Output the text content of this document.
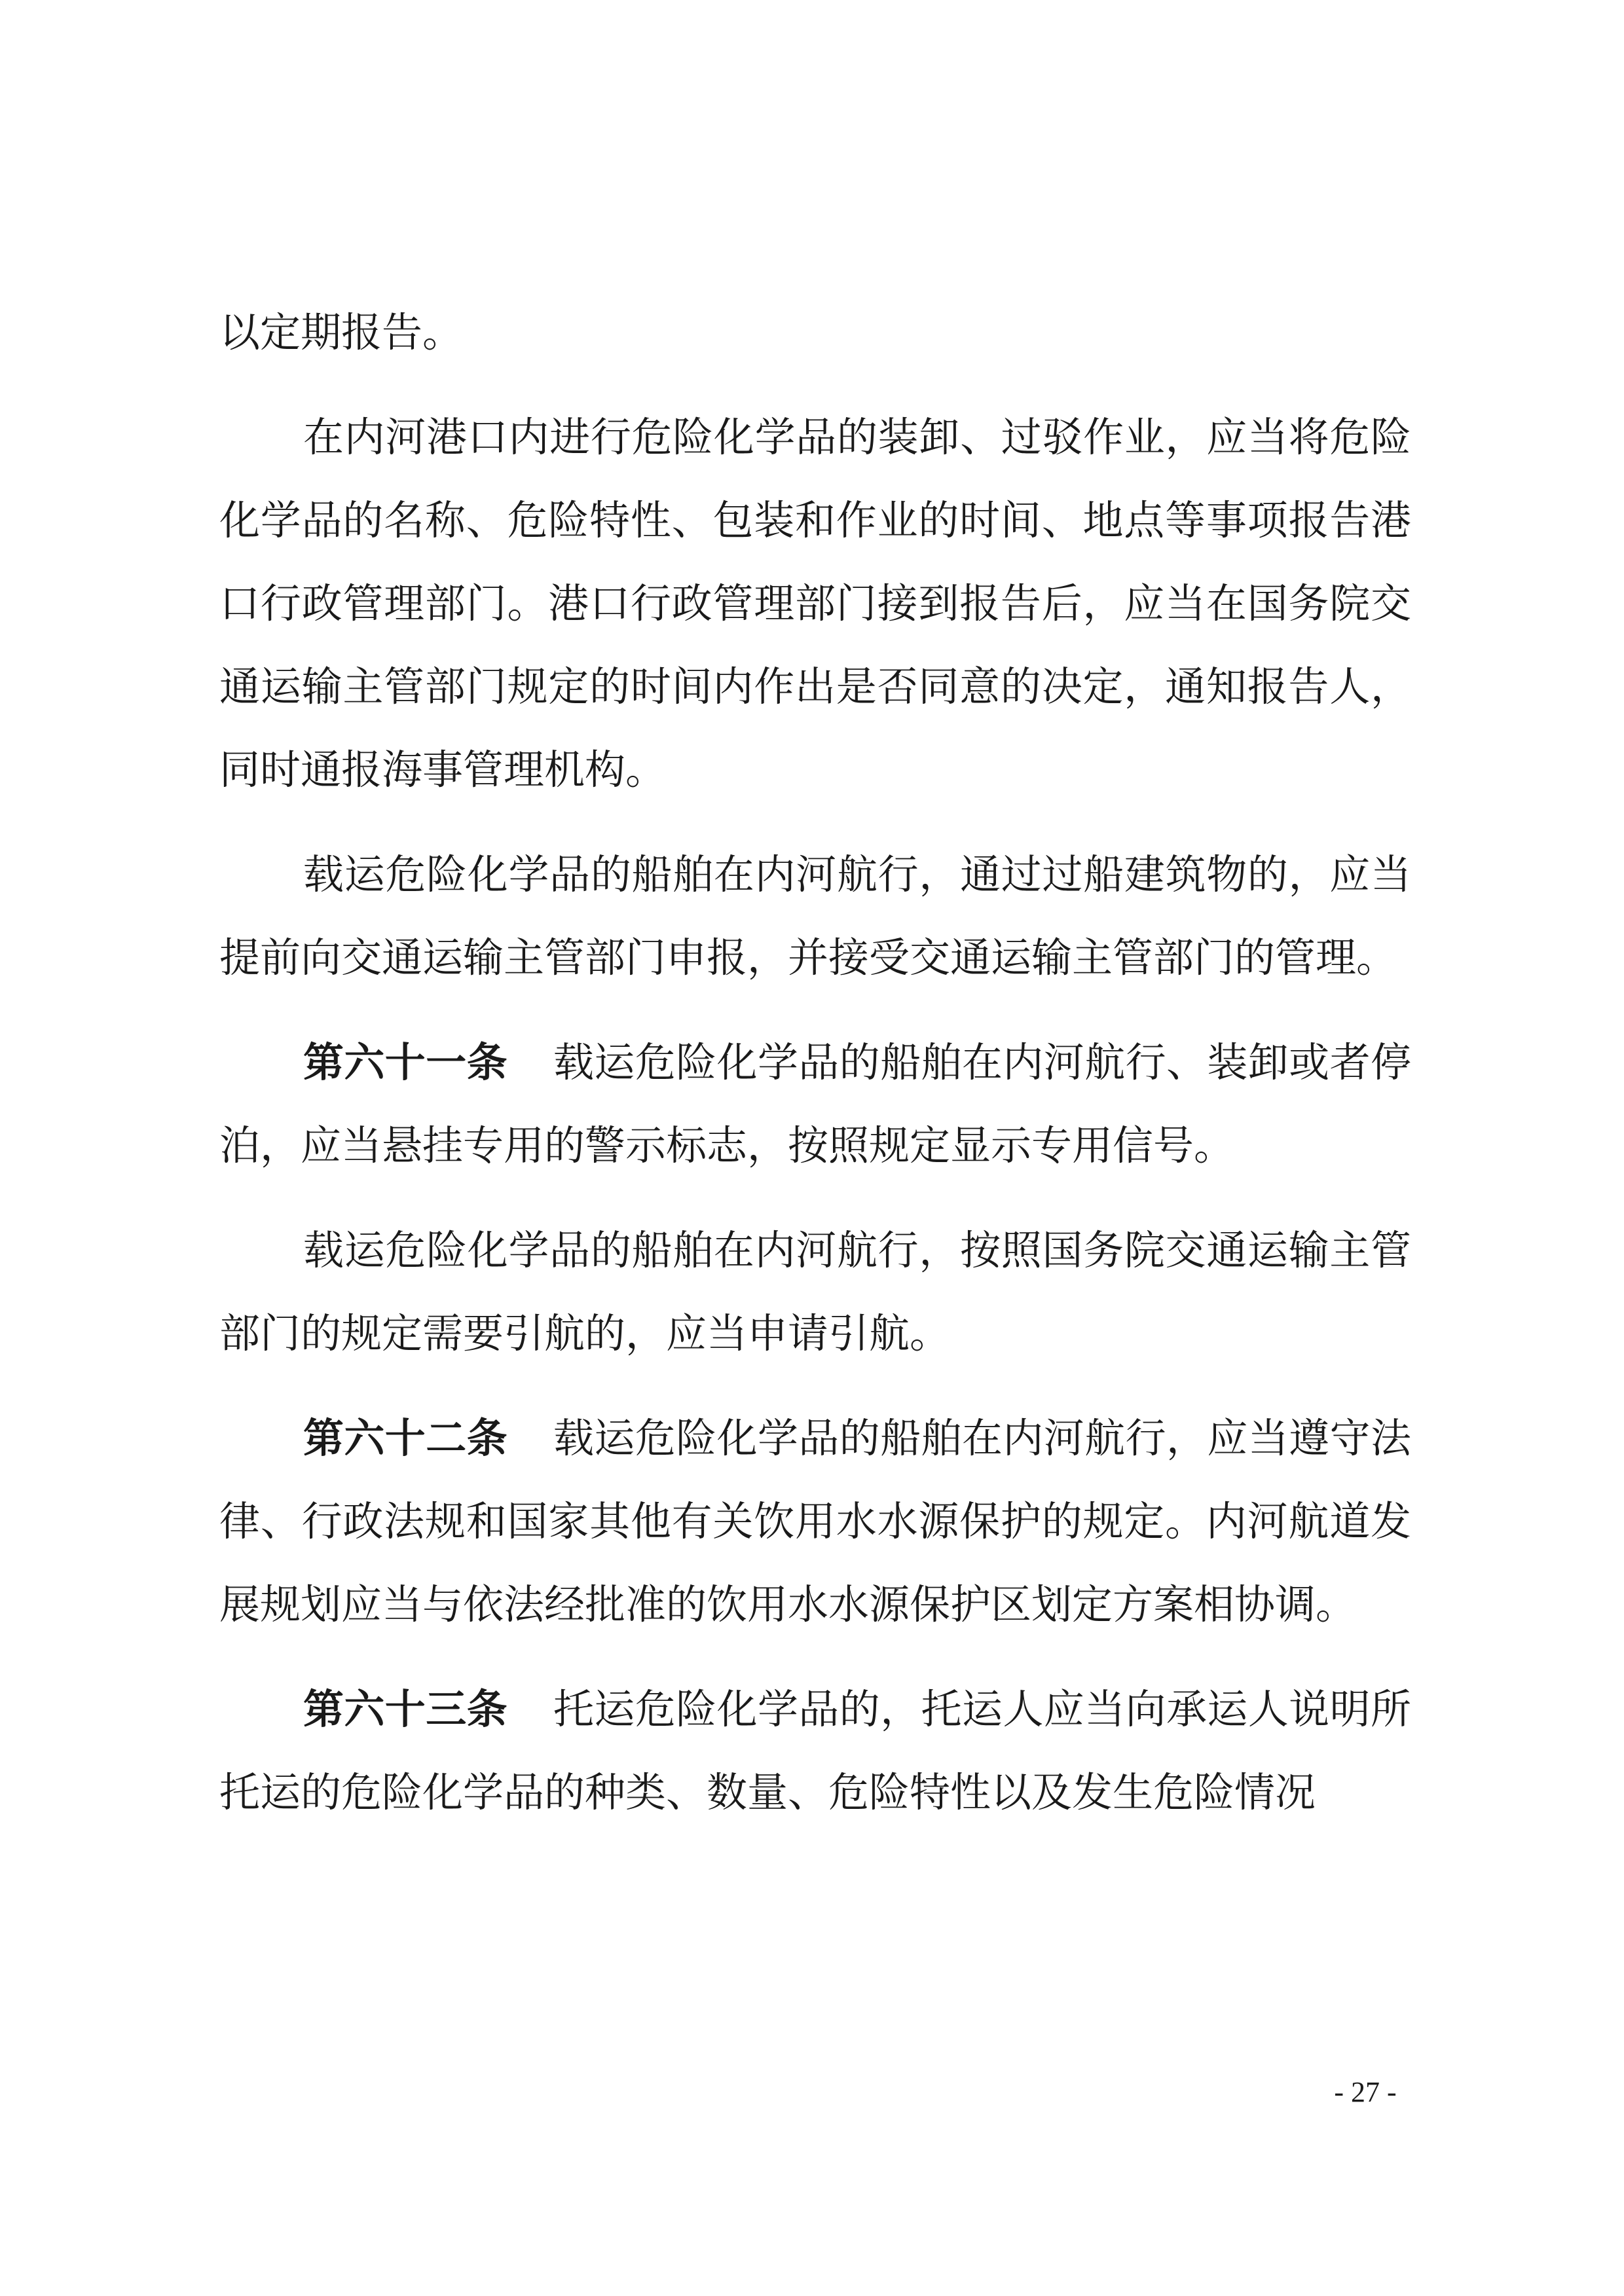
以定期报告。

在内河港口内进行危险化学品的装卸、过驳作业，应当将危险化学品的名称、危险特性、包装和作业的时间、地点等事项报告港口行政管理部门。港口行政管理部门接到报告后，应当在国务院交通运输主管部门规定的时间内作出是否同意的决定，通知报告人，同时通报海事管理机构。

载运危险化学品的船舶在内河航行，通过过船建筑物的，应当提前向交通运输主管部门申报，并接受交通运输主管部门的管理。

第六十一条 载运危险化学品的船舶在内河航行、装卸或者停泊，应当悬挂专用的警示标志，按照规定显示专用信号。

载运危险化学品的船舶在内河航行，按照国务院交通运输主管部门的规定需要引航的，应当申请引航。

第六十二条 载运危险化学品的船舶在内河航行，应当遵守法律、行政法规和国家其他有关饮用水水源保护的规定。内河航道发展规划应当与依法经批准的饮用水水源保护区划定方案相协调。

第六十三条 托运危险化学品的，托运人应当向承运人说明所托运的危险化学品的种类、数量、危险特性以及发生危险情况

- 27 -
